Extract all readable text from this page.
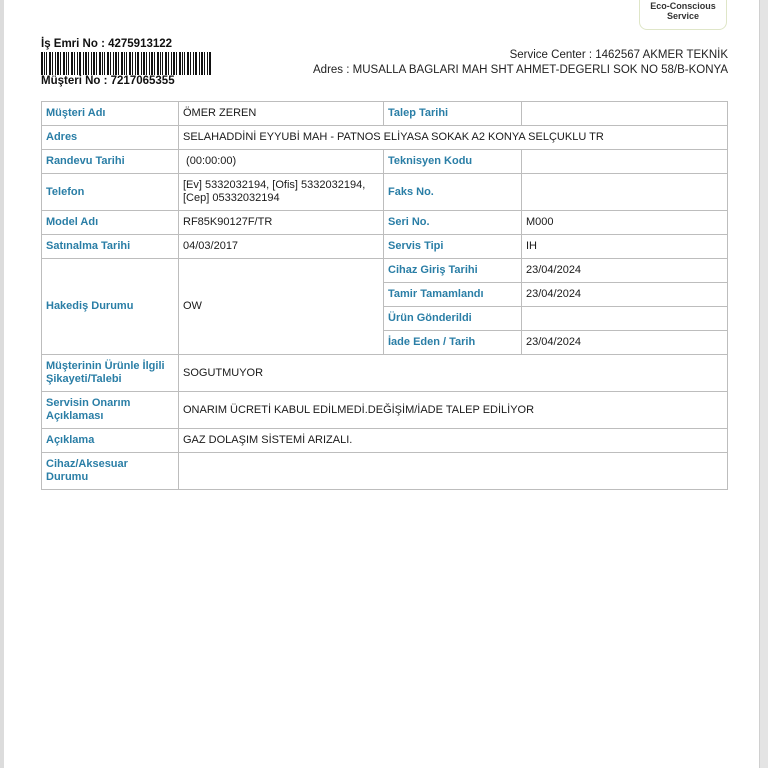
Eco-Conscious
Service
İş Emri No : 4275913122
Müşteri No : 7217065355
Service Center : 1462567 AKMER TEKNİK
Adres : MUSALLA BAGLARI MAH SHT AHMET-DEGERLI SOK NO 58/B-KONYA
Müşteri Adı	ÖMER ZEREN	Talep Tarihi	
Adres	SELAHADDİNİ EYYUBİ MAH - PATNOS ELİYASA SOKAK A2 KONYA SELÇUKLU TR		
Randevu Tarihi	(00:00:00)	Teknisyen Kodu	
Telefon	[Ev] 5332032194, [Ofis] 5332032194,
[Cep] 05332032194	Faks No.	
Model Adı	RF85K90127F/TR	Seri No.	M000
Satınalma Tarihi	04/03/2017	Servis Tipi	IH
Hakediş Durumu	OW	Cihaz Giriş Tarihi	23/04/2024
		Tamir Tamamlandı	23/04/2024
		Ürün Gönderildi	
		İade Eden / Tarih	23/04/2024

Müşterinin Ürünle İlgili
Şikayeti/Talebi	SOGUTMUYOR		

Servisin Onarım
Açıklaması	ONARIM ÜCRETİ KABUL EDİLMEDİ.DEĞİŞİM/İADE TALEP EDİLİYOR		
Açıklama	GAZ DOLAŞIM SİSTEMİ ARIZALI.		

Cihaz/Aksesuar
Durumu			
